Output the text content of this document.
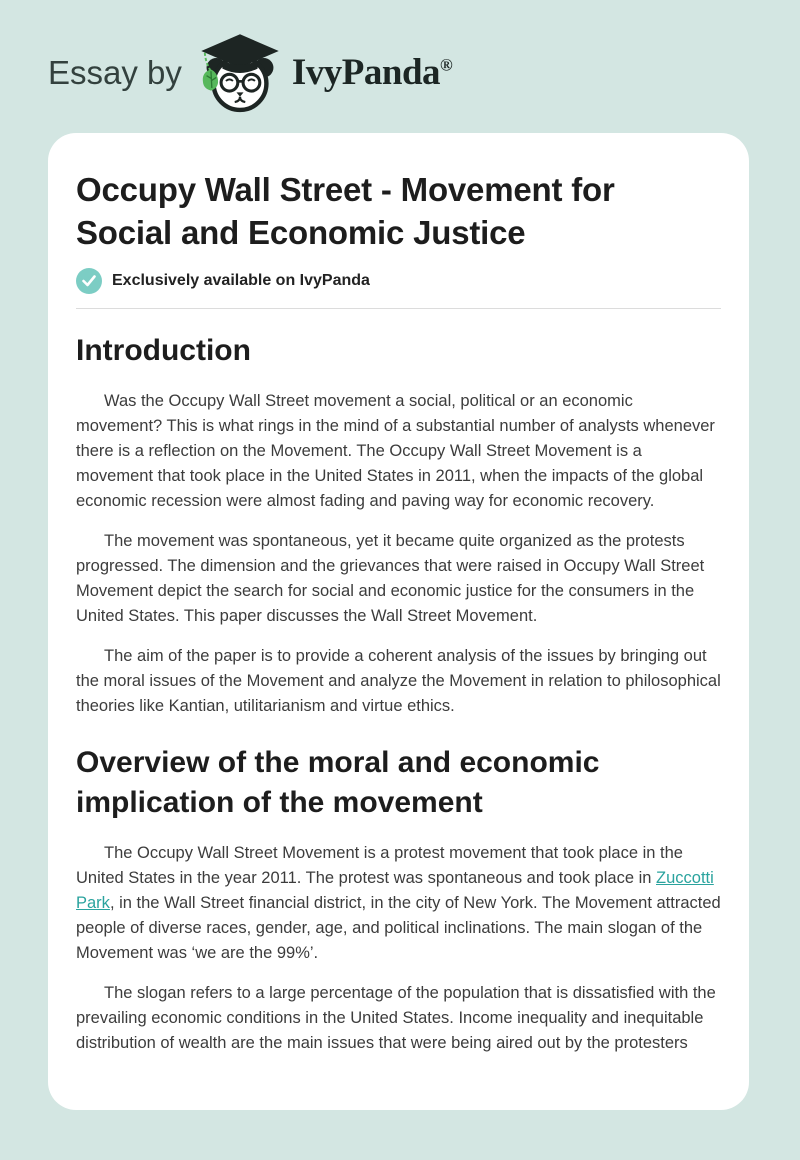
Essay by	IvyPanda®
Occupy Wall Street - Movement for Social and Economic Justice
Exclusively available on IvyPanda
Introduction

Was the Occupy Wall Street movement a social, political or an economic movement? This is what rings in the mind of a substantial number of analysts whenever there is a reflection on the Movement. The Occupy Wall Street Movement is a movement that took place in the United States in 2011, when the impacts of the global economic recession were almost fading and paving way for economic recovery.

The movement was spontaneous, yet it became quite organized as the protests progressed. The dimension and the grievances that were raised in Occupy Wall Street Movement depict the search for social and economic justice for the consumers in the United States. This paper discusses the Wall Street Movement.

The aim of the paper is to provide a coherent analysis of the issues by bringing out the moral issues of the Movement and analyze the Movement in relation to philosophical theories like Kantian, utilitarianism and virtue ethics.

Overview of the moral and economic implication of the movement

The Occupy Wall Street Movement is a protest movement that took place in the United States in the year 2011. The protest was spontaneous and took place in Zuccotti Park, in the Wall Street financial district, in the city of New York. The Movement attracted people of diverse races, gender, age, and political inclinations. The main slogan of the Movement was ‘we are the 99%’.

The slogan refers to a large percentage of the population that is dissatisfied with the prevailing economic conditions in the United States. Income inequality and inequitable distribution of wealth are the main issues that were being aired out by the protesters
